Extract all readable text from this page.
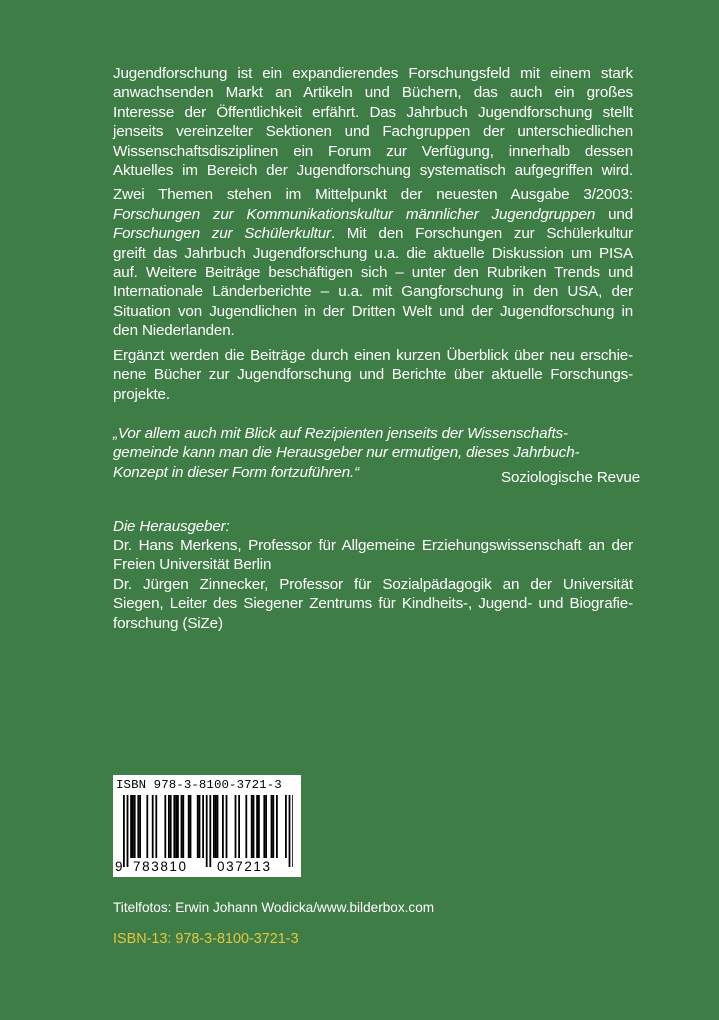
Jugendforschung ist ein expandierendes Forschungsfeld mit einem stark
anwachsenden Markt an Artikeln und Büchern, das auch ein großes
Interesse der Öffentlichkeit erfährt. Das Jahrbuch Jugendforschung stellt
jenseits vereinzelter Sektionen und Fachgruppen der unterschiedlichen
Wissenschaftsdisziplinen ein Forum zur Verfügung, innerhalb dessen
Aktuelles im Bereich der Jugendforschung systematisch aufgegriffen wird.

Zwei Themen stehen im Mittelpunkt der neuesten Ausgabe 3/2003:
Forschungen zur Kommunikationskultur männlicher Jugendgruppen und
Forschungen zur Schülerkultur. Mit den Forschungen zur Schülerkultur
greift das Jahrbuch Jugendforschung u.a. die aktuelle Diskussion um PISA
auf. Weitere Beiträge beschäftigen sich – unter den Rubriken Trends und
Internationale Länderberichte – u.a. mit Gangforschung in den USA, der
Situation von Jugendlichen in der Dritten Welt und der Jugendforschung in
den Niederlanden.

Ergänzt werden die Beiträge durch einen kurzen Überblick über neu erschie-
nene Bücher zur Jugendforschung und Berichte über aktuelle Forschungs-
projekte.

„Vor allem auch mit Blick auf Rezipienten jenseits der Wissenschafts-
gemeinde kann man die Herausgeber nur ermutigen, dieses Jahrbuch-
Konzept in dieser Form fortzuführen.“	Soziologische Revue

Die Herausgeber:
Dr. Hans Merkens, Professor für Allgemeine Erziehungswissenschaft an der
Freien Universität Berlin
Dr. Jürgen Zinnecker, Professor für Sozialpädagogik an der Universität
Siegen, Leiter des Siegener Zentrums für Kindheits-, Jugend- und Biografie-
forschung (SiZe)

ISBN 978-3-8100-3721-3
9 783810 037213
Titelfotos: Erwin Johann Wodicka/www.bilderbox.com
ISBN-13: 978-3-8100-3721-3
